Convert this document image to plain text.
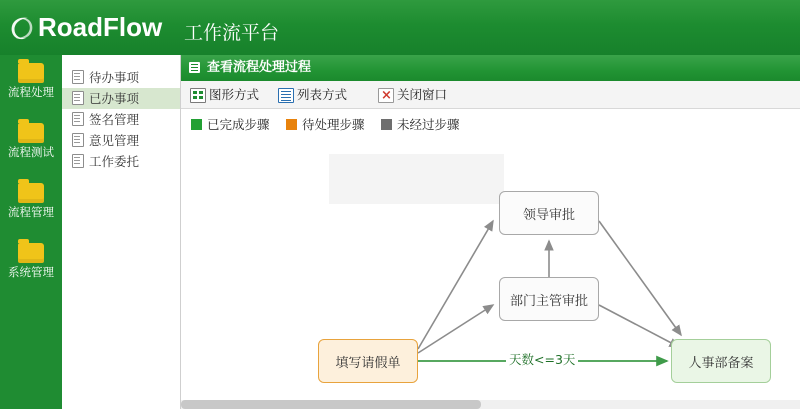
RoadFlow 工作流平台
流程处理
流程测试
流程管理
系统管理
待办事项
已办事项
签名管理
意见管理
工作委托
查看流程处理过程
图形方式	列表方式 ×	关闭窗口
已完成步骤	待处理步骤	未经过步骤
领导审批
部门主管审批
填写请假单	人事部备案
天数<=3天
